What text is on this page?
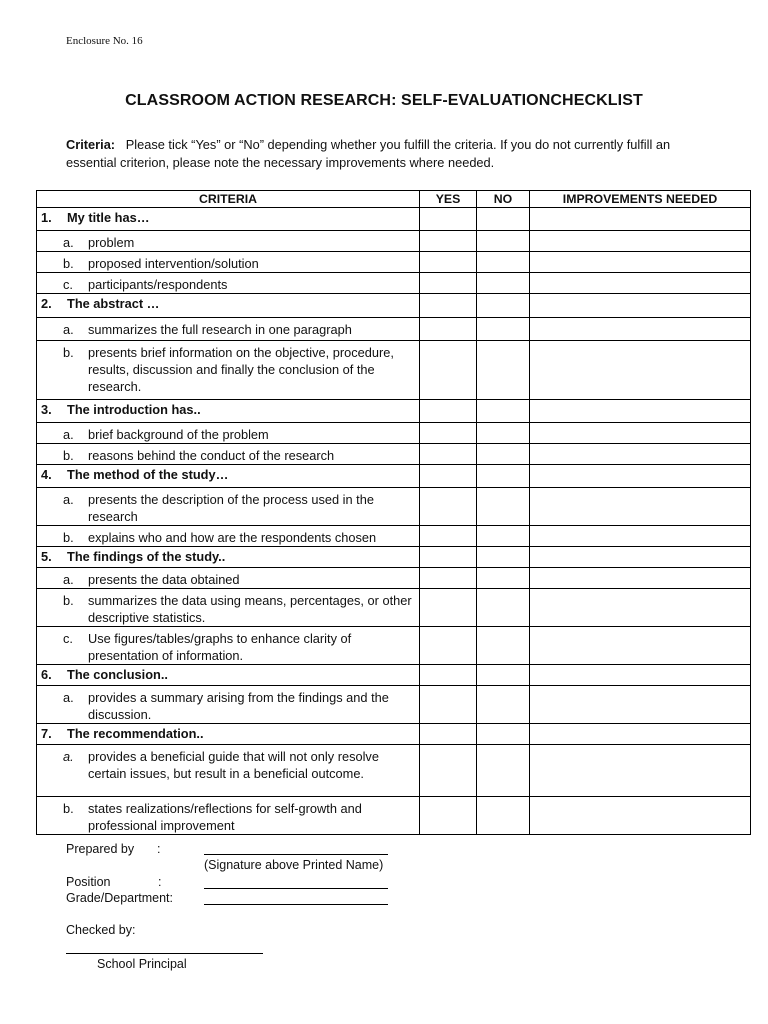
Enclosure No. 16
CLASSROOM ACTION RESEARCH: SELF-EVALUATIONCHECKLIST
Criteria: Please tick “Yes” or “No” depending whether you fulfill the criteria. If you do not currently fulfill an essential criterion, please note the necessary improvements where needed.
CRITERIA	YES	NO	IMPROVEMENTS NEEDED

1. My title has…			

a. problem			

b. proposed intervention/solution			

c. participants/respondents			

2. The abstract …			

a. summarizes the full research in one paragraph			

b. presents brief information on the objective, procedure, results, discussion and finally the conclusion of the research.			

3. The introduction has..			

a. brief background of the problem			

b. reasons behind the conduct of the research			

4. The method of the study…			

a. presents the description of the process used in the research			

b. explains who and how are the respondents chosen			

5. The findings of the study..			

a. presents the data obtained			

b. summarizes the data using means, percentages, or other descriptive statistics.			

c. Use figures/tables/graphs to enhance clarity of presentation of information.			

6. The conclusion..			

a. provides a summary arising from the findings and the discussion.			

7. The recommendation..			

a. provides a beneficial guide that will not only resolve certain issues, but result in a beneficial outcome.			

b. states realizations/reflections for self-growth and professional improvement			

Prepared by :
(Signature above Printed Name)
Position	:
Grade/Department:
Checked by:
School Principal
